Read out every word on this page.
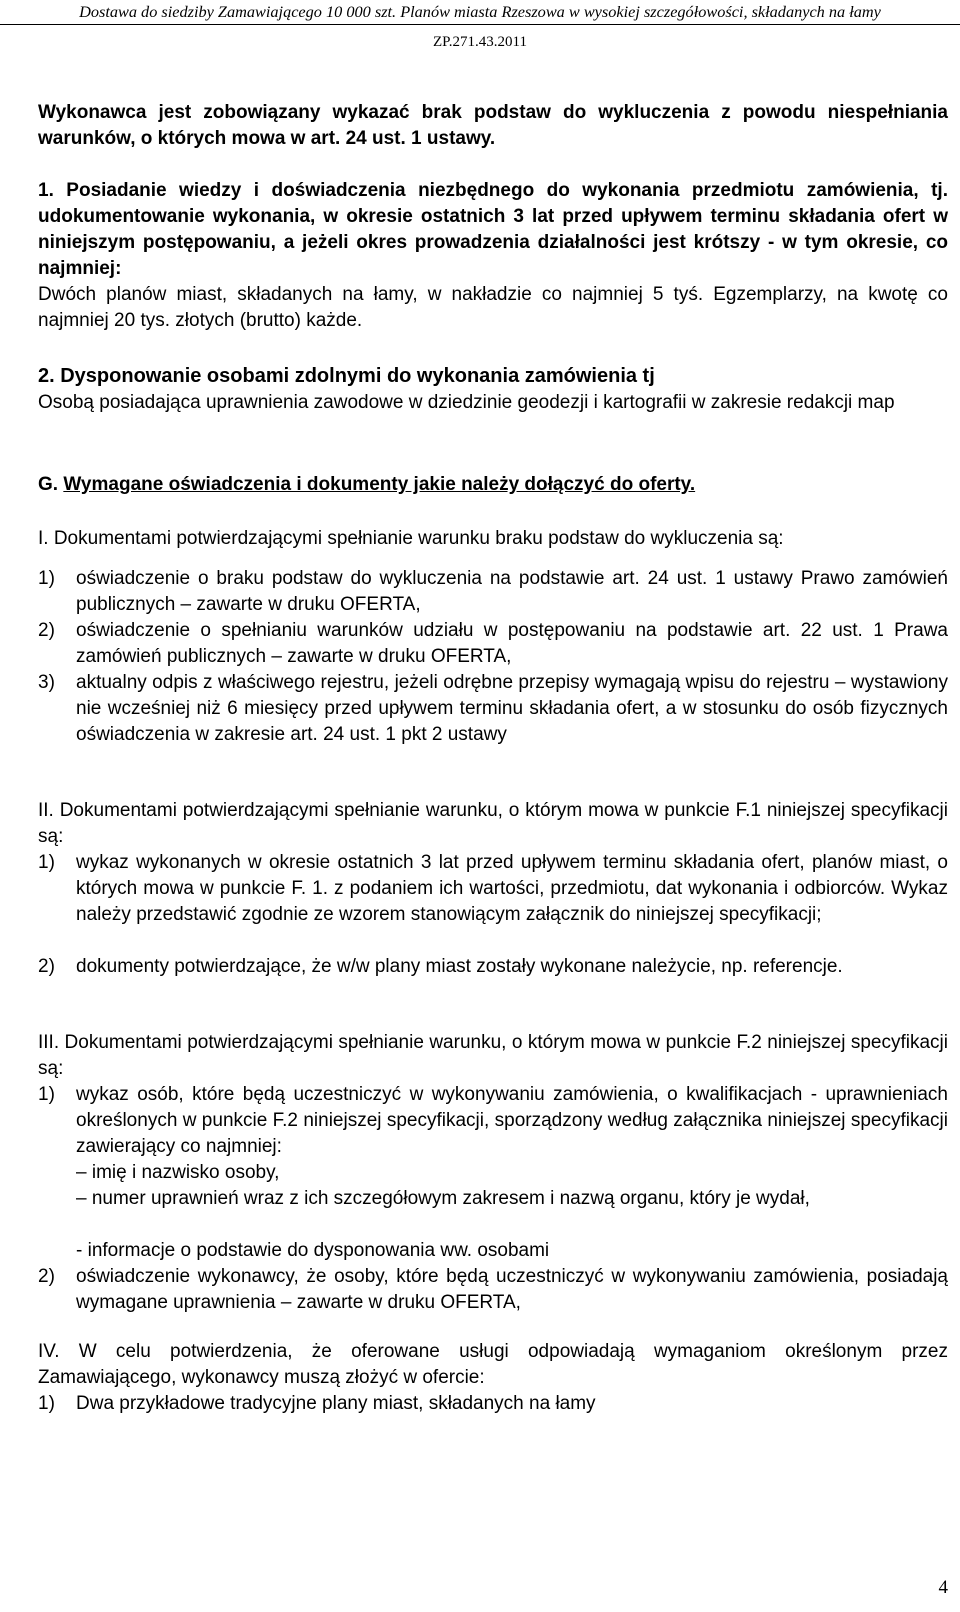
Dostawa do siedziby Zamawiającego 10 000 szt. Planów miasta Rzeszowa w wysokiej szczegółowości, składanych na łamy
ZP.271.43.2011

Wykonawca jest zobowiązany wykazać brak podstaw do wykluczenia z powodu niespełniania warunków, o których mowa w art. 24 ust. 1 ustawy.

1. Posiadanie wiedzy i doświadczenia niezbędnego do wykonania przedmiotu zamówienia, tj. udokumentowanie wykonania, w okresie ostatnich 3 lat przed upływem terminu składania ofert w niniejszym postępowaniu, a jeżeli okres prowadzenia działalności jest krótszy - w tym okresie, co najmniej:

Dwóch planów miast, składanych na łamy, w nakładzie co najmniej 5 tyś. Egzemplarzy, na kwotę co najmniej 20 tys. złotych (brutto) każde.

2. Dysponowanie osobami zdolnymi do wykonania zamówienia tj

Osobą posiadająca uprawnienia zawodowe w dziedzinie geodezji i kartografii w zakresie redakcji map

G. Wymagane oświadczenia i dokumenty jakie należy dołączyć do oferty.

I. Dokumentami potwierdzającymi spełnianie warunku braku podstaw do wykluczenia są:

1) oświadczenie o braku podstaw do wykluczenia na podstawie art. 24 ust. 1 ustawy Prawo zamówień publicznych – zawarte w druku OFERTA,

2) oświadczenie o spełnianiu warunków udziału w postępowaniu na podstawie art. 22 ust. 1 Prawa zamówień publicznych – zawarte w druku OFERTA,

3) aktualny odpis z właściwego rejestru, jeżeli odrębne przepisy wymagają wpisu do rejestru – wystawiony nie wcześniej niż 6 miesięcy przed upływem terminu składania ofert, a w stosunku do osób fizycznych oświadczenia w zakresie art. 24 ust. 1 pkt 2 ustawy

II. Dokumentami potwierdzającymi spełnianie warunku, o którym mowa w punkcie F.1 niniejszej specyfikacji są:

1) wykaz wykonanych w okresie ostatnich 3 lat przed upływem terminu składania ofert, planów miast, o których mowa w punkcie F. 1. z podaniem ich wartości, przedmiotu, dat wykonania i odbiorców. Wykaz należy przedstawić zgodnie ze wzorem stanowiącym załącznik do niniejszej specyfikacji;

2) dokumenty potwierdzające, że w/w plany miast zostały wykonane należycie, np. referencje.

III. Dokumentami potwierdzającymi spełnianie warunku, o którym mowa w punkcie F.2 niniejszej specyfikacji są:

1) wykaz osób, które będą uczestniczyć w wykonywaniu zamówienia, o kwalifikacjach - uprawnieniach określonych w punkcie F.2 niniejszej specyfikacji, sporządzony według załącznika niniejszej specyfikacji zawierający co najmniej:

– imię i nazwisko osoby,

– numer uprawnień wraz z ich szczegółowym zakresem i nazwą organu, który je wydał,

- informacje o podstawie do dysponowania ww. osobami

2) oświadczenie wykonawcy, że osoby, które będą uczestniczyć w wykonywaniu zamówienia, posiadają wymagane uprawnienia – zawarte w druku OFERTA,

IV. W celu potwierdzenia, że oferowane usługi odpowiadają wymaganiom określonym przez Zamawiającego, wykonawcy muszą złożyć w ofercie:

1) Dwa przykładowe tradycyjne plany miast, składanych na łamy

4
